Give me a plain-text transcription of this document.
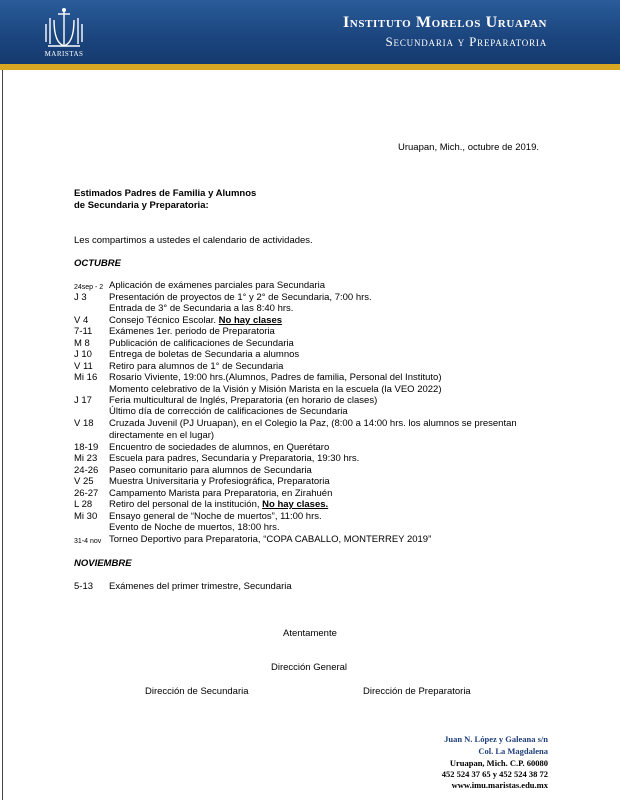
MARISTAS
Instituto Morelos Uruapan
Secundaria y Preparatoria
Uruapan, Mich., octubre de 2019.
Estimados Padres de Familia y Alumnos
de Secundaria y Preparatoria:
Les compartimos a ustedes el calendario de actividades.
OCTUBRE
24sep - 2 Aplicación de exámenes parciales para Secundaria
J 3 Presentación de proyectos de 1° y 2° de Secundaria, 7:00 hrs.
Entrada de 3° de Secundaria a las 8:40 hrs.
V 4 Consejo Técnico Escolar. No hay clases
7-11 Exámenes 1er. periodo de Preparatoria
M 8 Publicación de calificaciones de Secundaria
J 10 Entrega de boletas de Secundaria a alumnos
V 11 Retiro para alumnos de 1° de Secundaria
Mi 16 Rosario Viviente, 19:00 hrs.(Alumnos, Padres de familia, Personal del Instituto)
Momento celebrativo de la Visión y Misión Marista en la escuela (la VEO 2022)
J 17 Feria multicultural de Inglés, Preparatoria (en horario de clases)
Último día de corrección de calificaciones de Secundaria
V 18 Cruzada Juvenil (PJ Uruapan), en el Colegio la Paz, (8:00 a 14:00 hrs. los alumnos se presentan
directamente en el lugar)
18-19 Encuentro de sociedades de alumnos, en Querétaro
Mi 23 Escuela para padres, Secundaria y Preparatoria, 19:30 hrs.
24-26 Paseo comunitario para alumnos de Secundaria
V 25 Muestra Universitaria y Profesiográfica, Preparatoria
26-27 Campamento Marista para Preparatoria, en Zirahuén
L 28 Retiro del personal de la institución, No hay clases.
Mi 30 Ensayo general de “Noche de muertos”, 11:00 hrs.
Evento de Noche de muertos, 18:00 hrs.
31-4 nov Torneo Deportivo para Preparatoria, “COPA CABALLO, MONTERREY 2019”
NOVIEMBRE
5-13 Exámenes del primer trimestre, Secundaria
Atentamente
Dirección General
Dirección de Secundaria	Dirección de Preparatoria
Juan N. López y Galeana s/n
Col. La Magdalena
Uruapan, Mich. C.P. 60080
452 524 37 65 y 452 524 38 72
www.imu.maristas.edu.mx
